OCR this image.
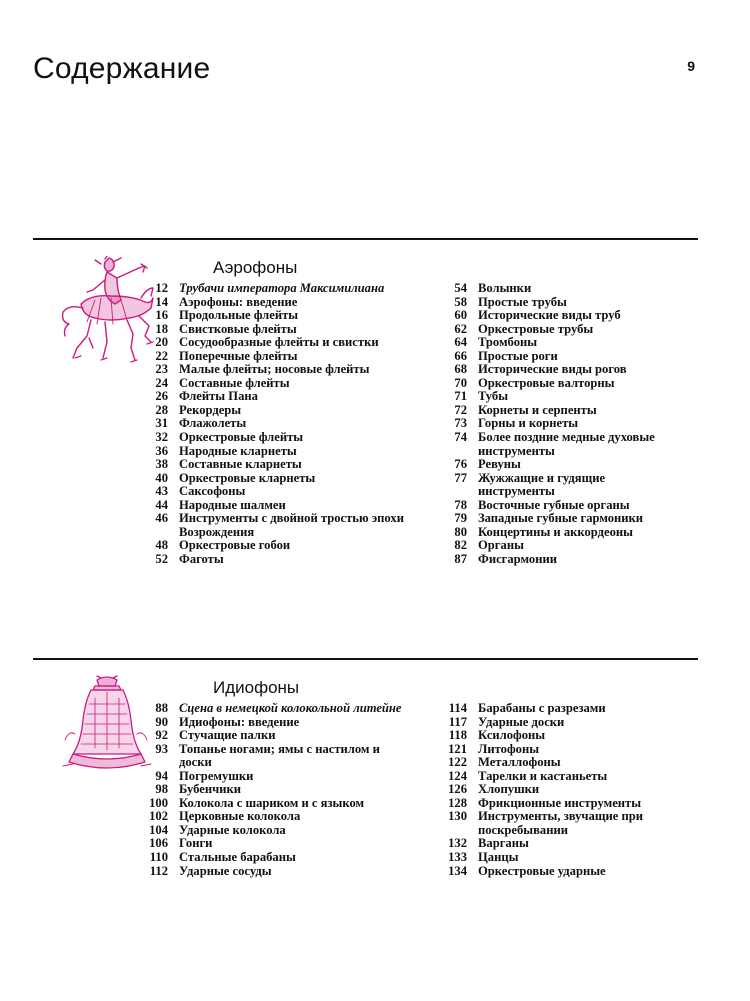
Содержание	9
Аэрофоны
12 Трубачи императора Максимилиана
14 Аэрофоны: введение
16 Продольные флейты
18 Свистковые флейты
20 Сосудообразные флейты и свистки
22 Поперечные флейты
23 Малые флейты; носовые флейты
24 Составные флейты
26 Флейты Пана
28 Рекордеры
31 Флажолеты
32 Оркестровые флейты
36 Народные кларнеты
38 Составные кларнеты
40 Оркестровые кларнеты
43 Саксофоны
44 Народные шалмеи
46 Инструменты с двойной тростью эпохи Возрождения
48 Оркестровые гобои
52 Фаготы
54 Волынки
58 Простые трубы
60 Исторические виды труб
62 Оркестровые трубы
64 Тромбоны
66 Простые роги
68 Исторические виды рогов
70 Оркестровые валторны
71 Тубы
72 Корнеты и серпенты
73 Горны и корнеты
74 Более поздние медные духовые инструменты
76 Ревуны
77 Жужжащие и гудящие инструменты
78 Восточные губные органы
79 Западные губные гармоники
80 Концертины и аккордеоны
82 Органы
87 Фисгармонии
Идиофоны
88 Сцена в немецкой колокольной литейне
90 Идиофоны: введение
92 Стучащие палки
93 Топанье ногами; ямы с настилом и доски
94 Погремушки
98 Бубенчики
100 Колокола с шариком и с языком
102 Церковные колокола
104 Ударные колокола
106 Гонги
110 Стальные барабаны
112 Ударные сосуды
114 Барабаны с разрезами
117 Ударные доски
118 Ксилофоны
121 Литофоны
122 Металлофоны
124 Тарелки и кастаньеты
126 Хлопушки
128 Фрикционные инструменты
130 Инструменты, звучащие при поскребывании
132 Варганы
133 Цанцы
134 Оркестровые ударные
